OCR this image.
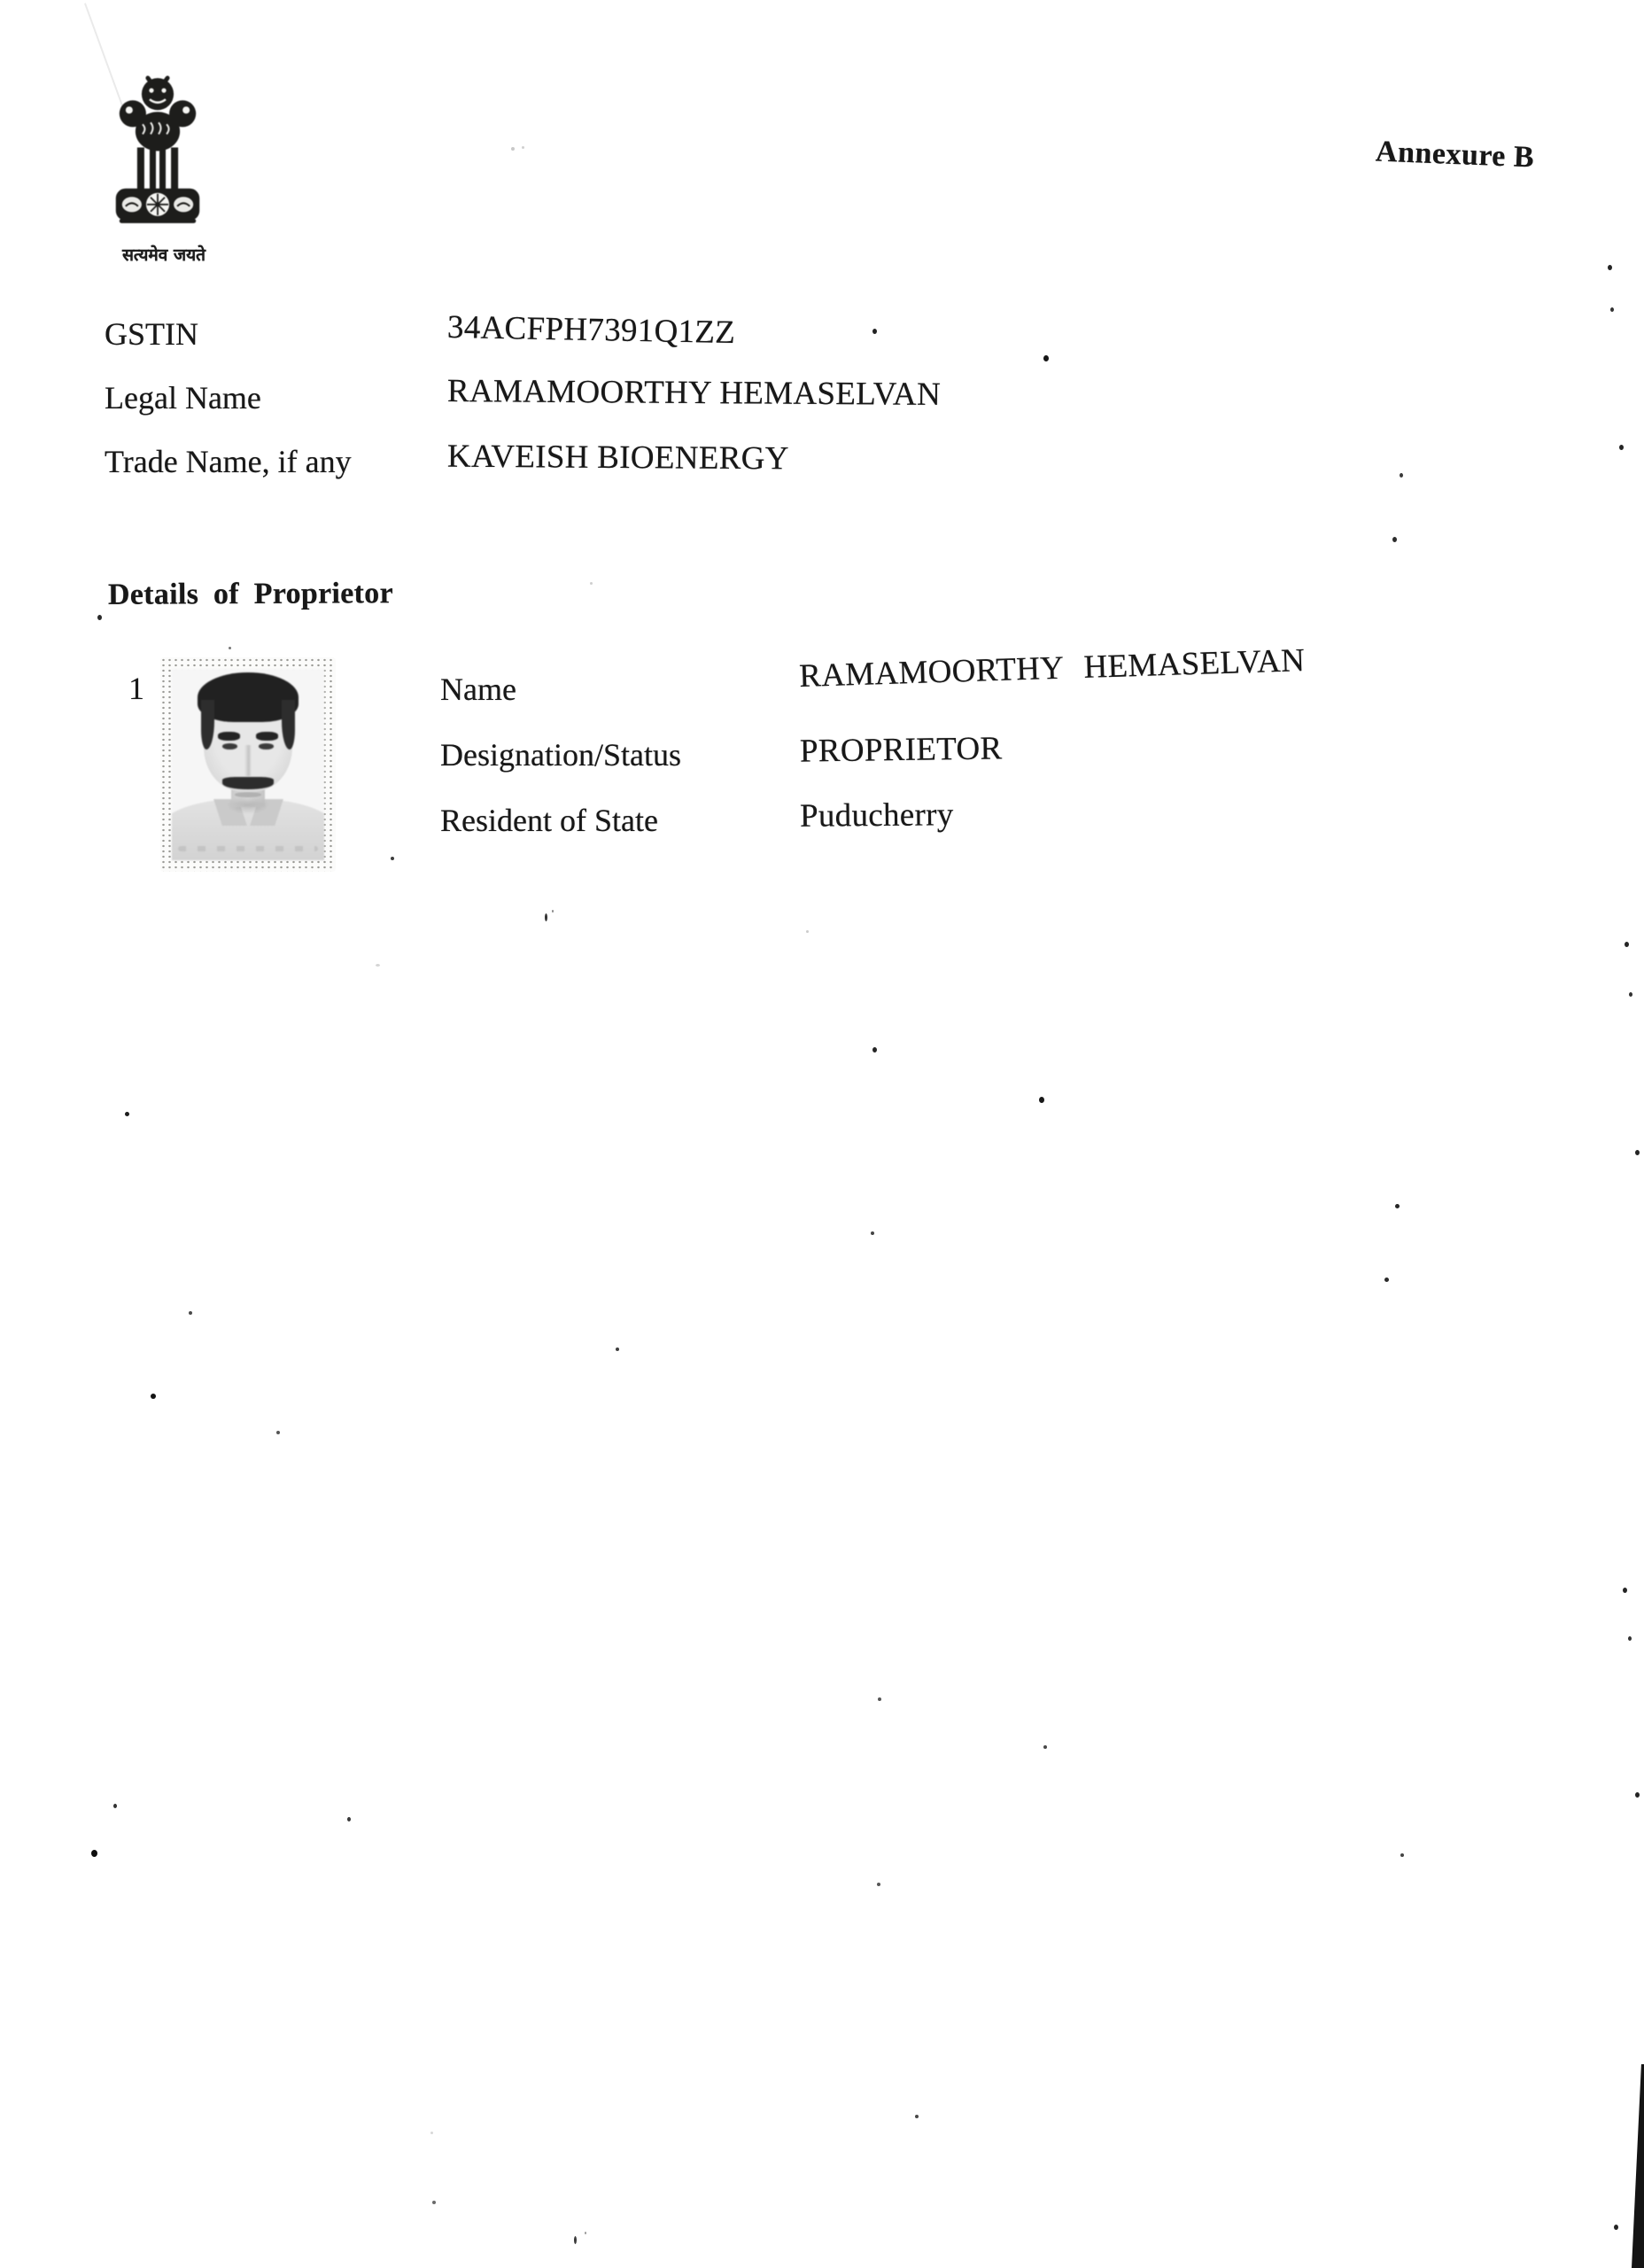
सत्यमेव जयते
Annexure B
GSTIN	34ACFPH7391Q1ZZ
Legal Name	RAMAMOORTHY HEMASELVAN
Trade Name, if any	KAVEISH BIOENERGY
Details of Proprietor
1	Name	RAMAMOORTHY HEMASELVAN
Designation/Status	PROPRIETOR
Resident of State	Puducherry
